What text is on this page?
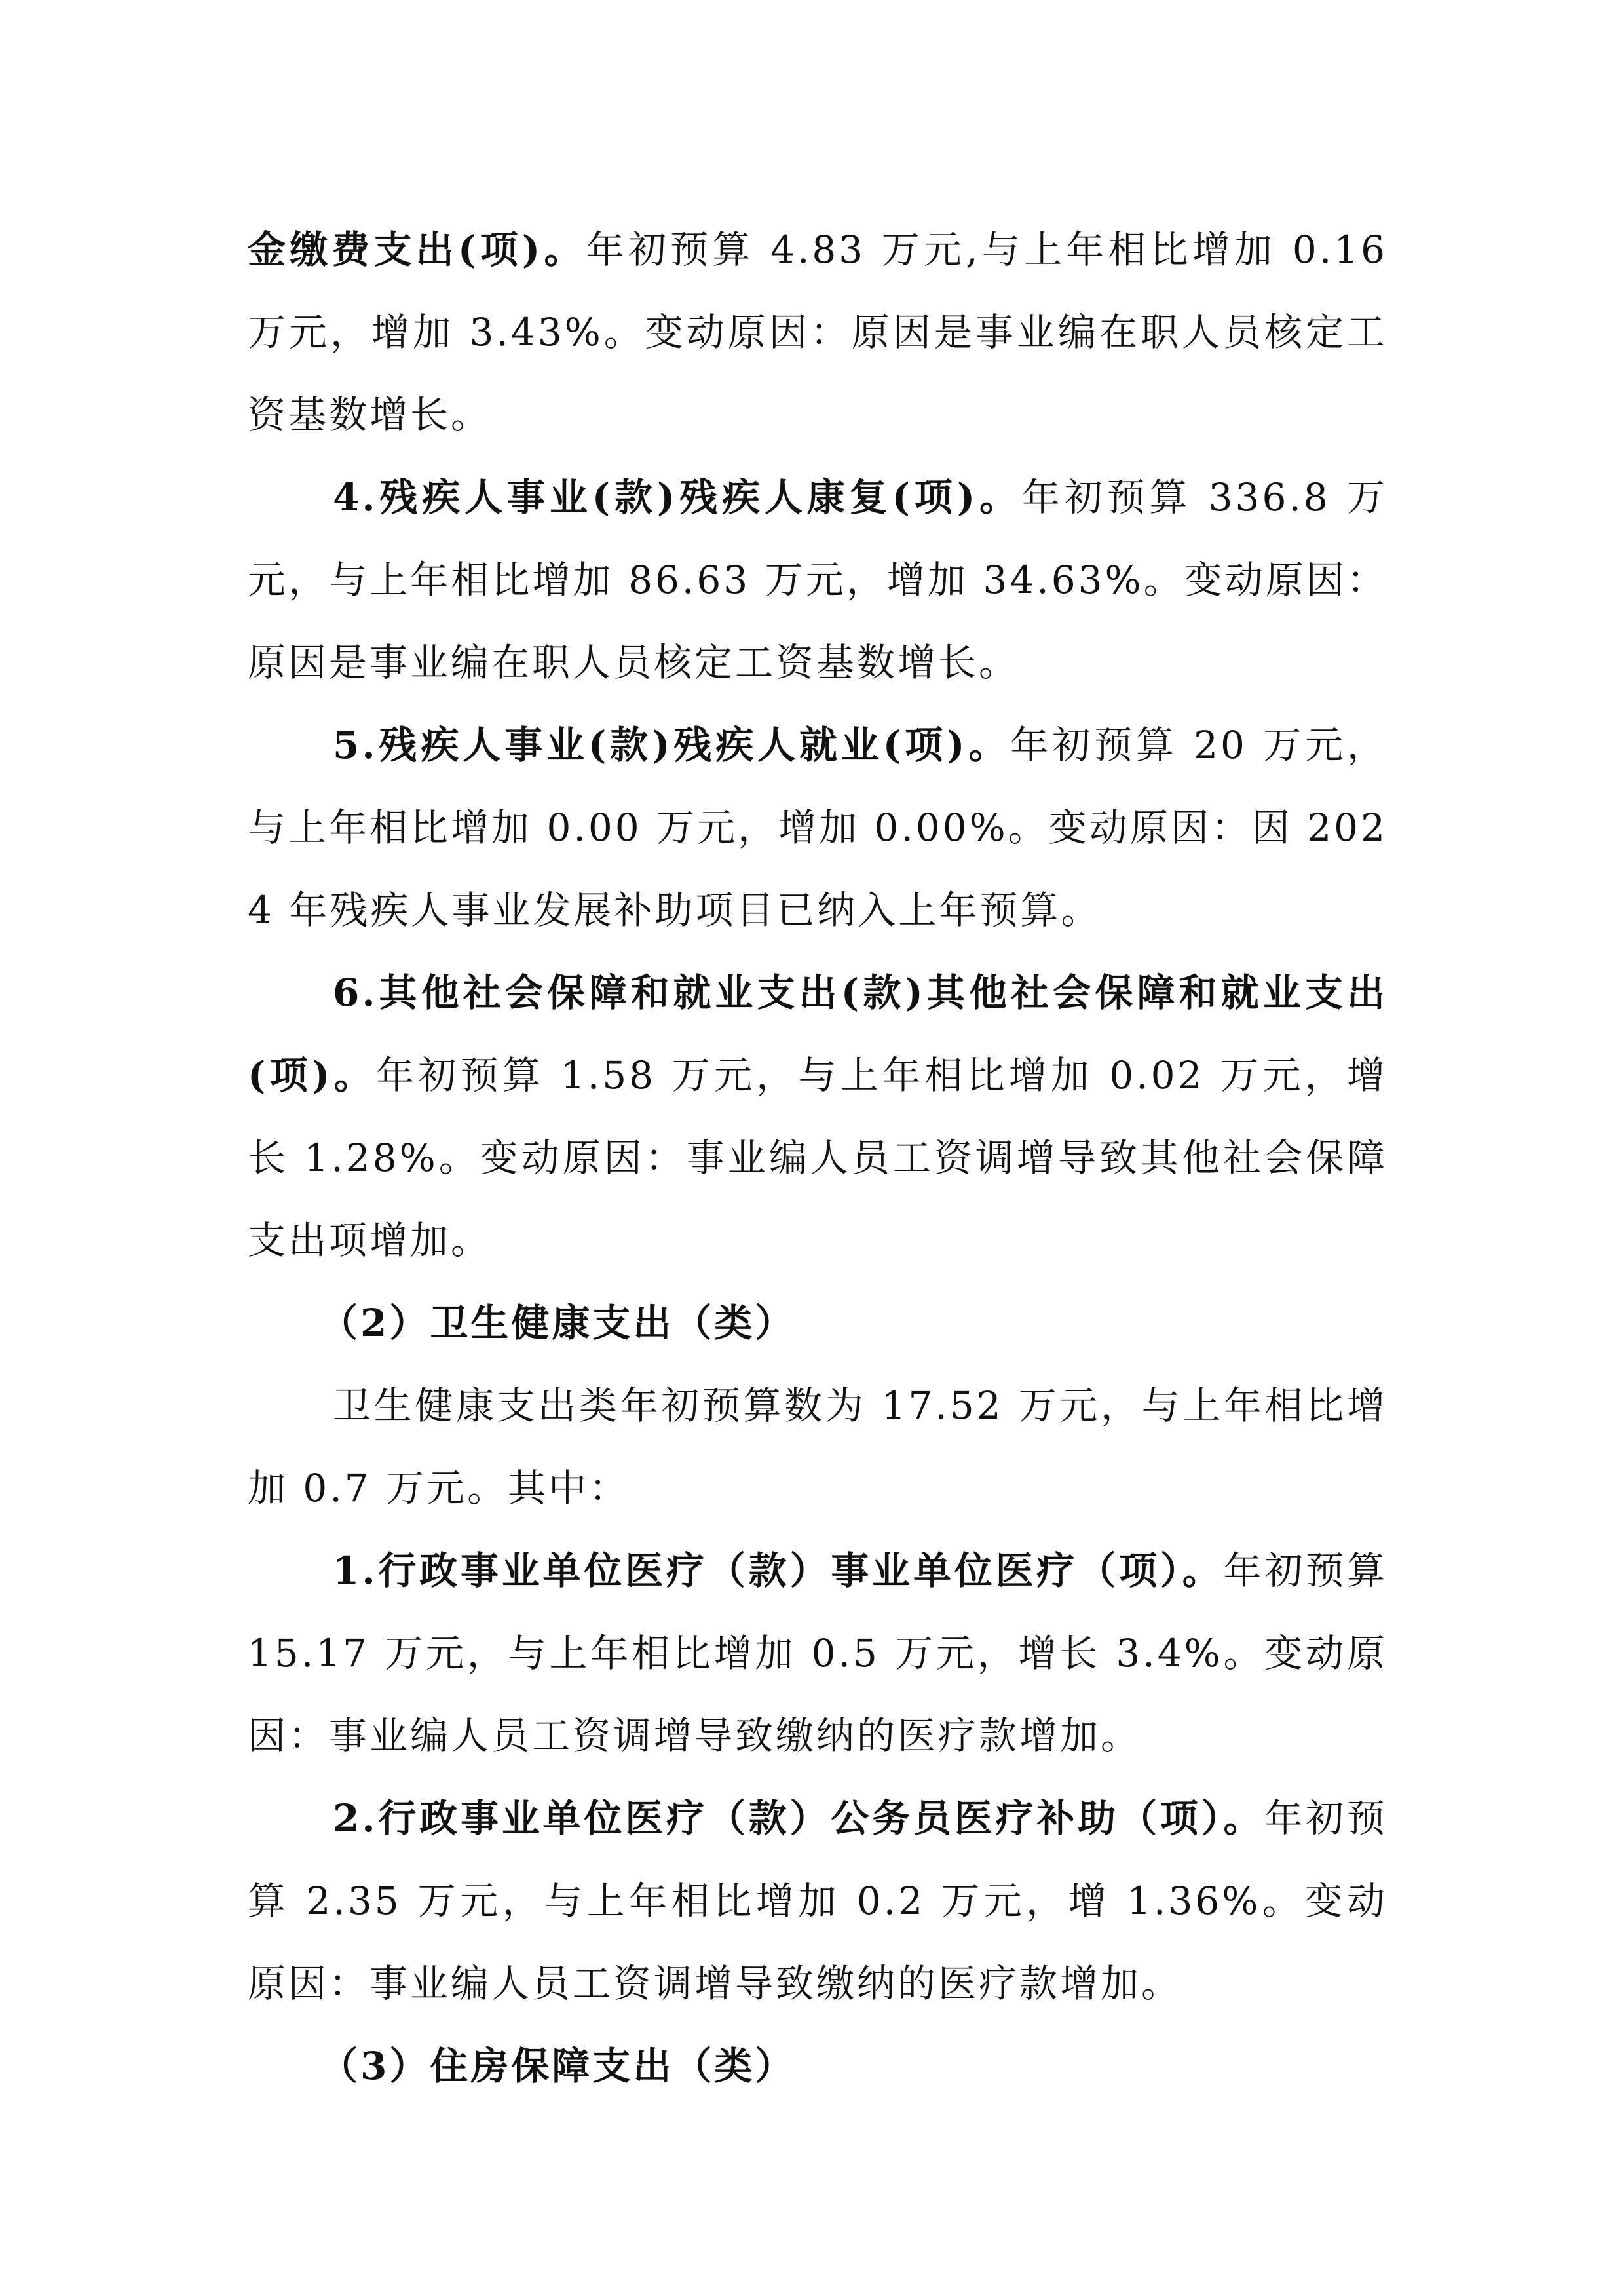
金缴费支出(项)。年初预算 4.83 万元,与上年相比增加 0.16 万元，增加 3.43%。变动原因：原因是事业编在职人员核定工资基数增长。

4.残疾人事业(款)残疾人康复(项)。年初预算 336.8 万元，与上年相比增加 86.63 万元，增加 34.63%。变动原因：原因是事业编在职人员核定工资基数增长。

5.残疾人事业(款)残疾人就业(项)。年初预算 20 万元，与上年相比增加 0.00 万元，增加 0.00%。变动原因：因 2024 年残疾人事业发展补助项目已纳入上年预算。

6.其他社会保障和就业支出(款)其他社会保障和就业支出(项)。年初预算 1.58 万元，与上年相比增加 0.02 万元，增长 1.28%。变动原因：事业编人员工资调增导致其他社会保障支出项增加。

（2）卫生健康支出（类）

卫生健康支出类年初预算数为 17.52 万元，与上年相比增加 0.7 万元。其中：

1.行政事业单位医疗（款）事业单位医疗（项）。年初预算 15.17 万元，与上年相比增加 0.5 万元，增长 3.4%。变动原因：事业编人员工资调增导致缴纳的医疗款增加。

2.行政事业单位医疗（款）公务员医疗补助（项）。年初预算 2.35 万元，与上年相比增加 0.2 万元，增 1.36%。变动原因：事业编人员工资调增导致缴纳的医疗款增加。

（3）住房保障支出（类）
